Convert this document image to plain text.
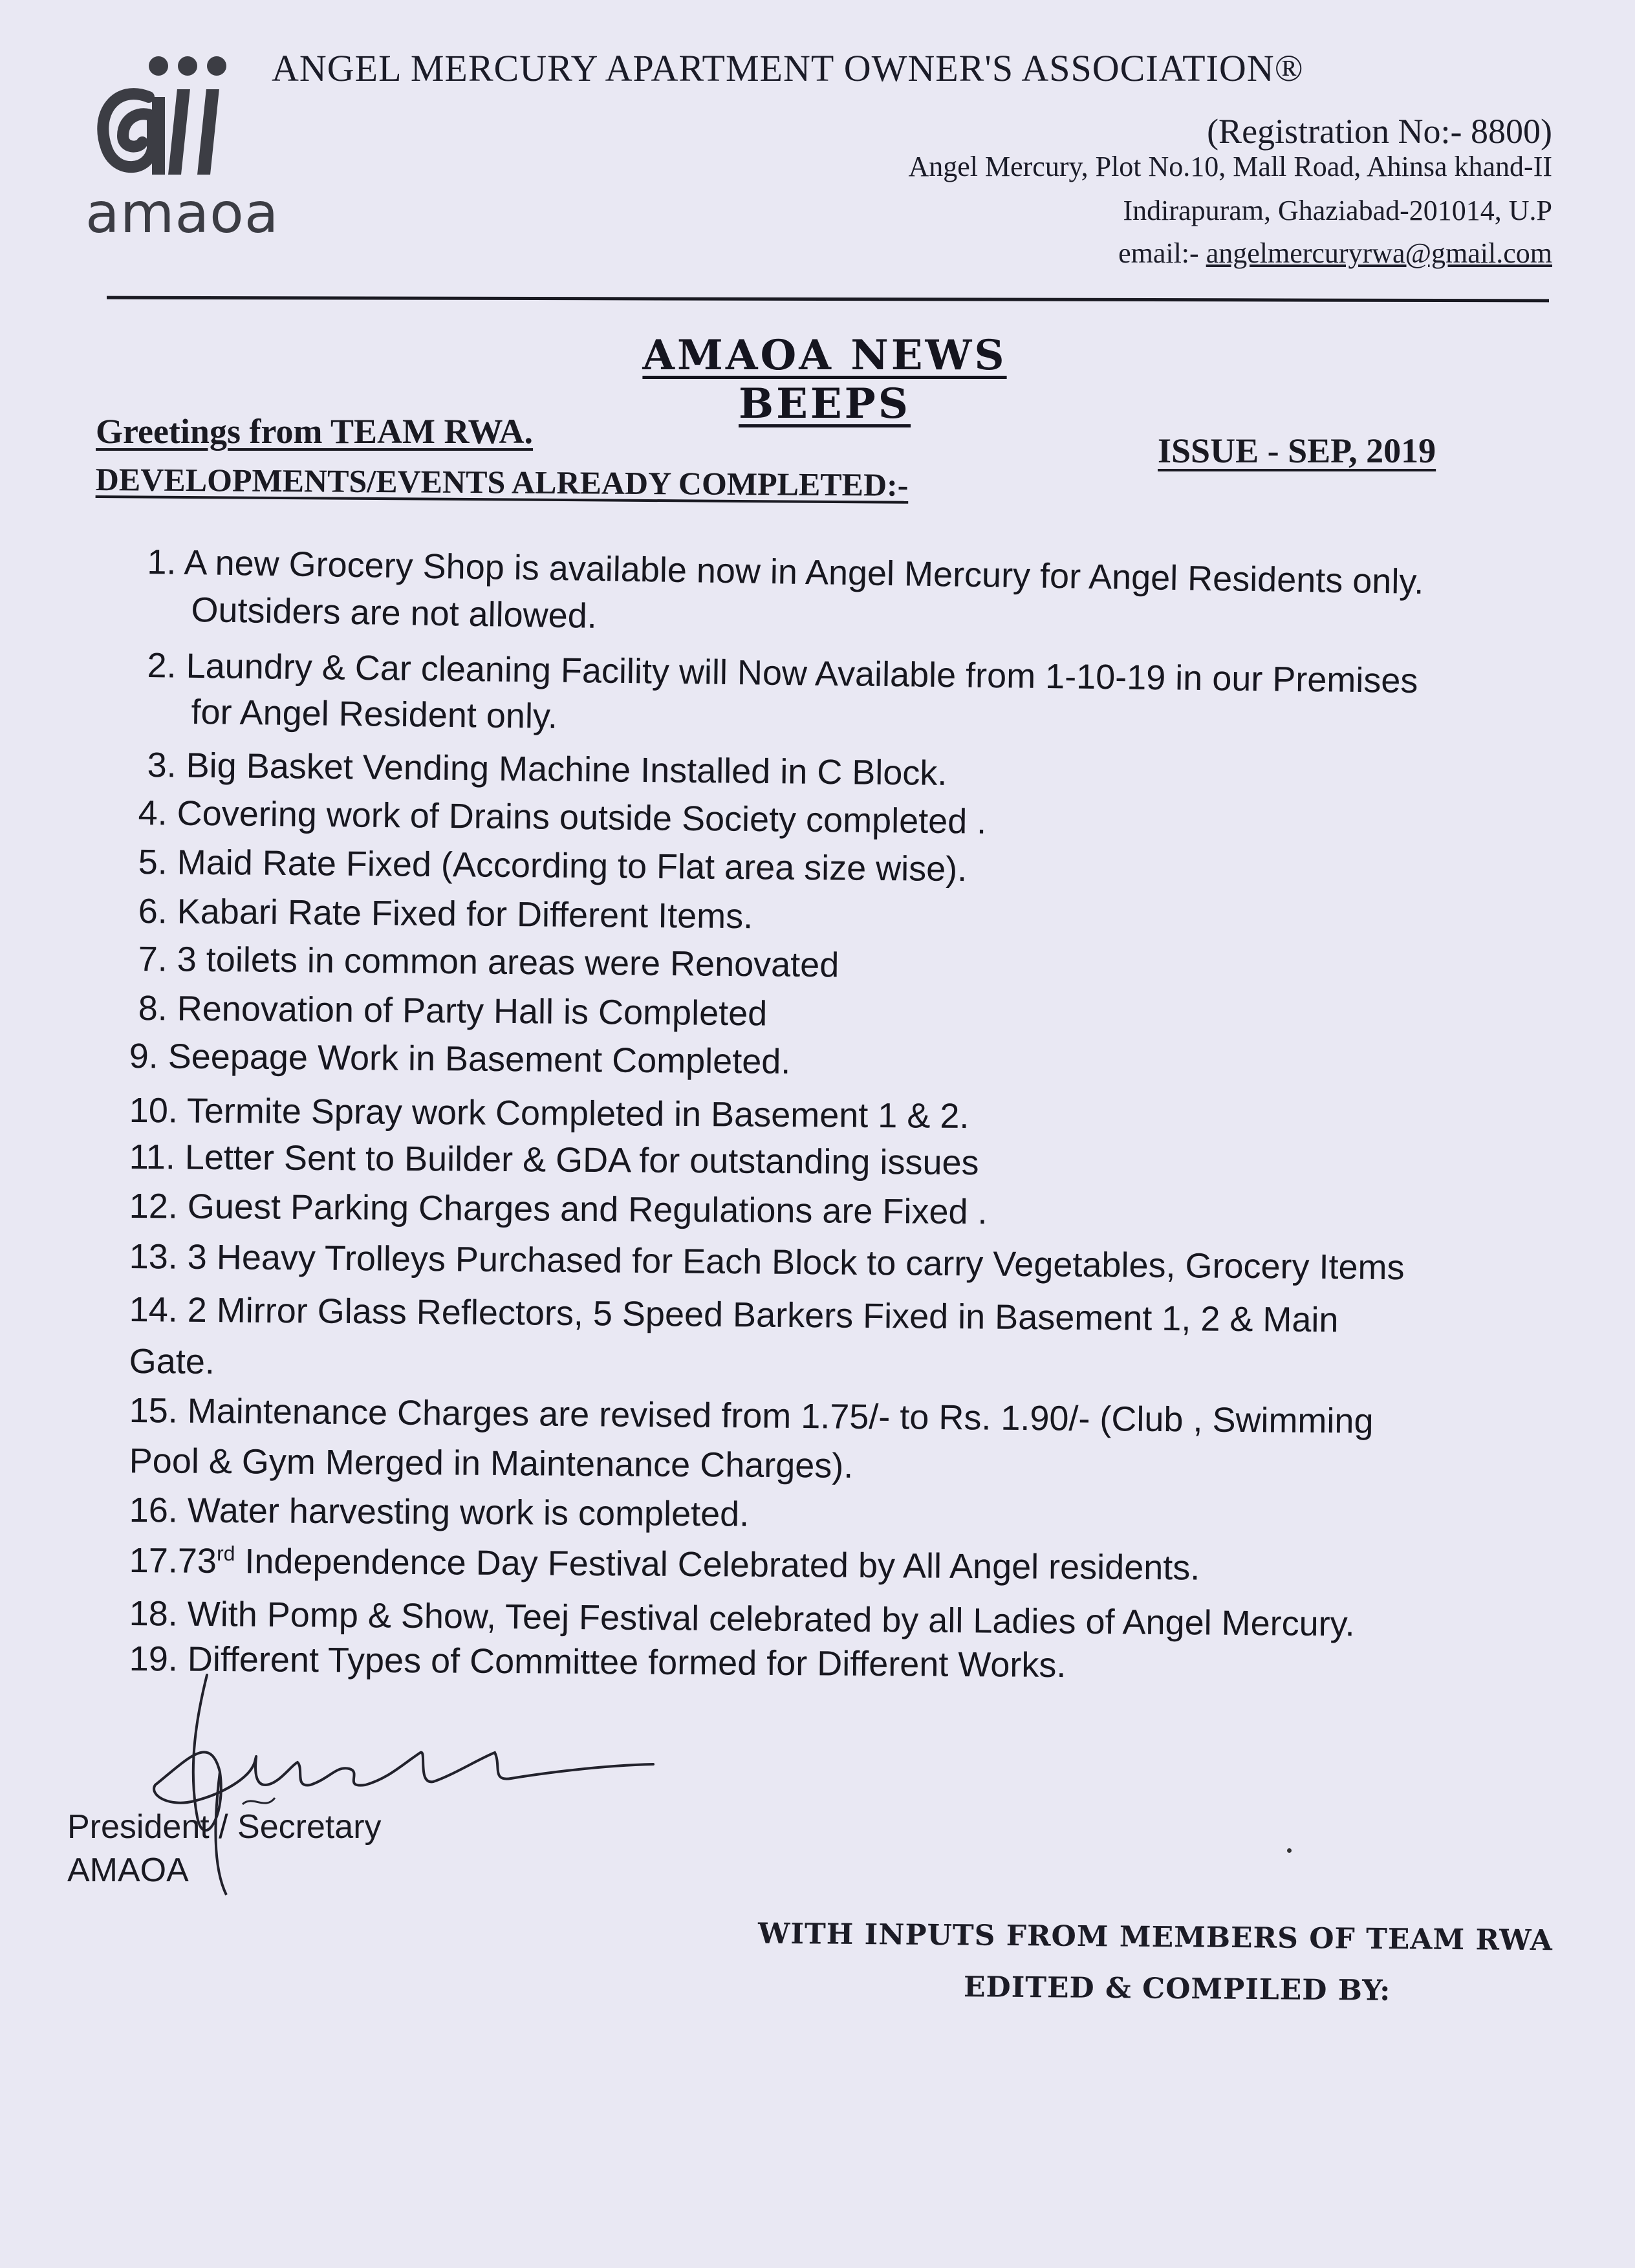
amaoa
ANGEL MERCURY APARTMENT OWNER'S ASSOCIATION®
(Registration No:- 8800)
Angel Mercury, Plot No.10, Mall Road, Ahinsa khand-II
Indirapuram, Ghaziabad-201014, U.P
email:- angelmercuryrwa@gmail.com
AMAOA NEWS BEEPS
Greetings from TEAM RWA.	ISSUE - SEP, 2019
DEVELOPMENTS/EVENTS ALREADY COMPLETED:-
1. A new Grocery Shop is available now in Angel Mercury for Angel Residents only.
Outsiders are not allowed.
2. Laundry & Car cleaning Facility will Now Available from 1-10-19 in our Premises
for Angel Resident only.
3. Big Basket Vending Machine Installed in C Block.
4. Covering work of Drains outside Society completed .
5. Maid Rate Fixed (According to Flat area size wise).
6. Kabari Rate Fixed for Different Items.
7. 3 toilets in common areas were Renovated
8. Renovation of Party Hall is Completed
9. Seepage Work in Basement Completed.
10. Termite Spray work Completed in Basement 1 & 2.
11. Letter Sent to Builder & GDA for outstanding issues
12. Guest Parking Charges and Regulations are Fixed .
13. 3 Heavy Trolleys Purchased for Each Block to carry Vegetables, Grocery Items
14. 2 Mirror Glass Reflectors, 5 Speed Barkers Fixed in Basement 1, 2 & Main
Gate.
15. Maintenance Charges are revised from 1.75/- to Rs. 1.90/- (Club , Swimming
Pool & Gym Merged in Maintenance Charges).
16. Water harvesting work is completed.
17.73rd Independence Day Festival Celebrated by All Angel residents.
18. With Pomp & Show, Teej Festival celebrated by all Ladies of Angel Mercury.
19. Different Types of Committee formed for Different Works.
President / Secretary
AMAOA
WITH INPUTS FROM MEMBERS OF TEAM RWA
EDITED & COMPILED BY:
